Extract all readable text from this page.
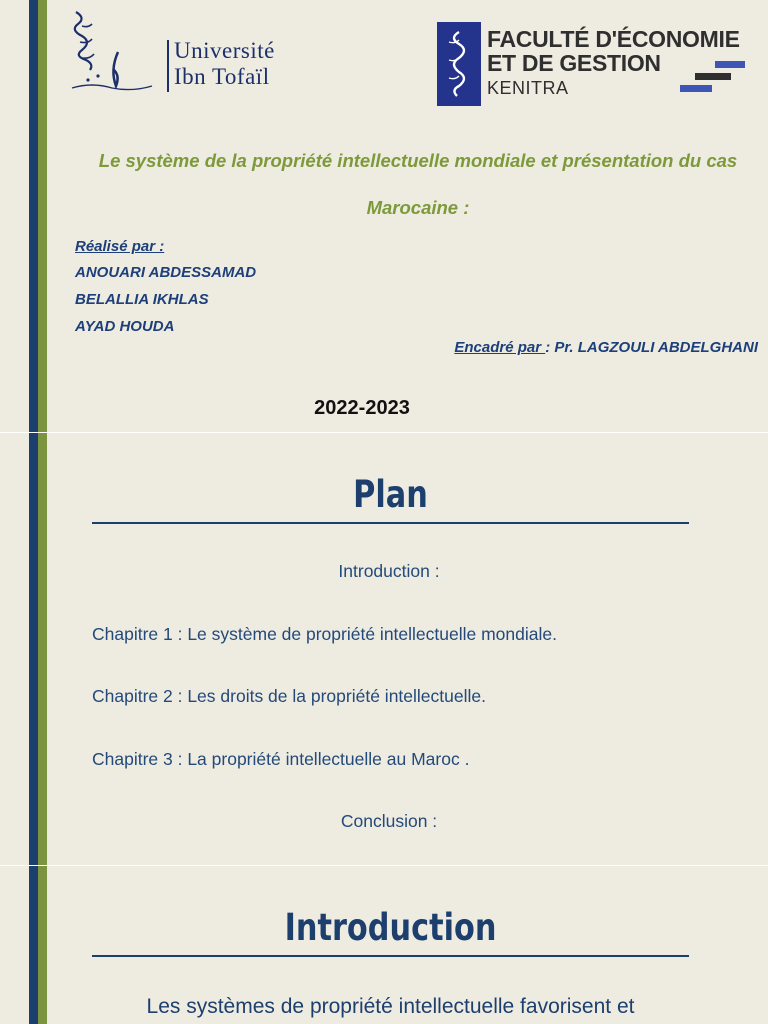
Université
Ibn Tofaïl
FACULTÉ D'ÉCONOMIE
ET DE GESTION
KENITRA
Le système de la propriété intellectuelle mondiale et présentation du cas
Marocaine :
Réalisé par :
ANOUARI ABDESSAMAD
BELALLIA IKHLAS
AYAD HOUDA
Encadré par : Pr. LAGZOULI ABDELGHANI
2022-2023
Plan
Introduction :
Chapitre 1 : Le système de propriété intellectuelle mondiale.
Chapitre 2 : Les droits de la propriété intellectuelle.
Chapitre 3 : La propriété intellectuelle au Maroc .
Conclusion :
Introduction
Les systèmes de propriété intellectuelle favorisent et
